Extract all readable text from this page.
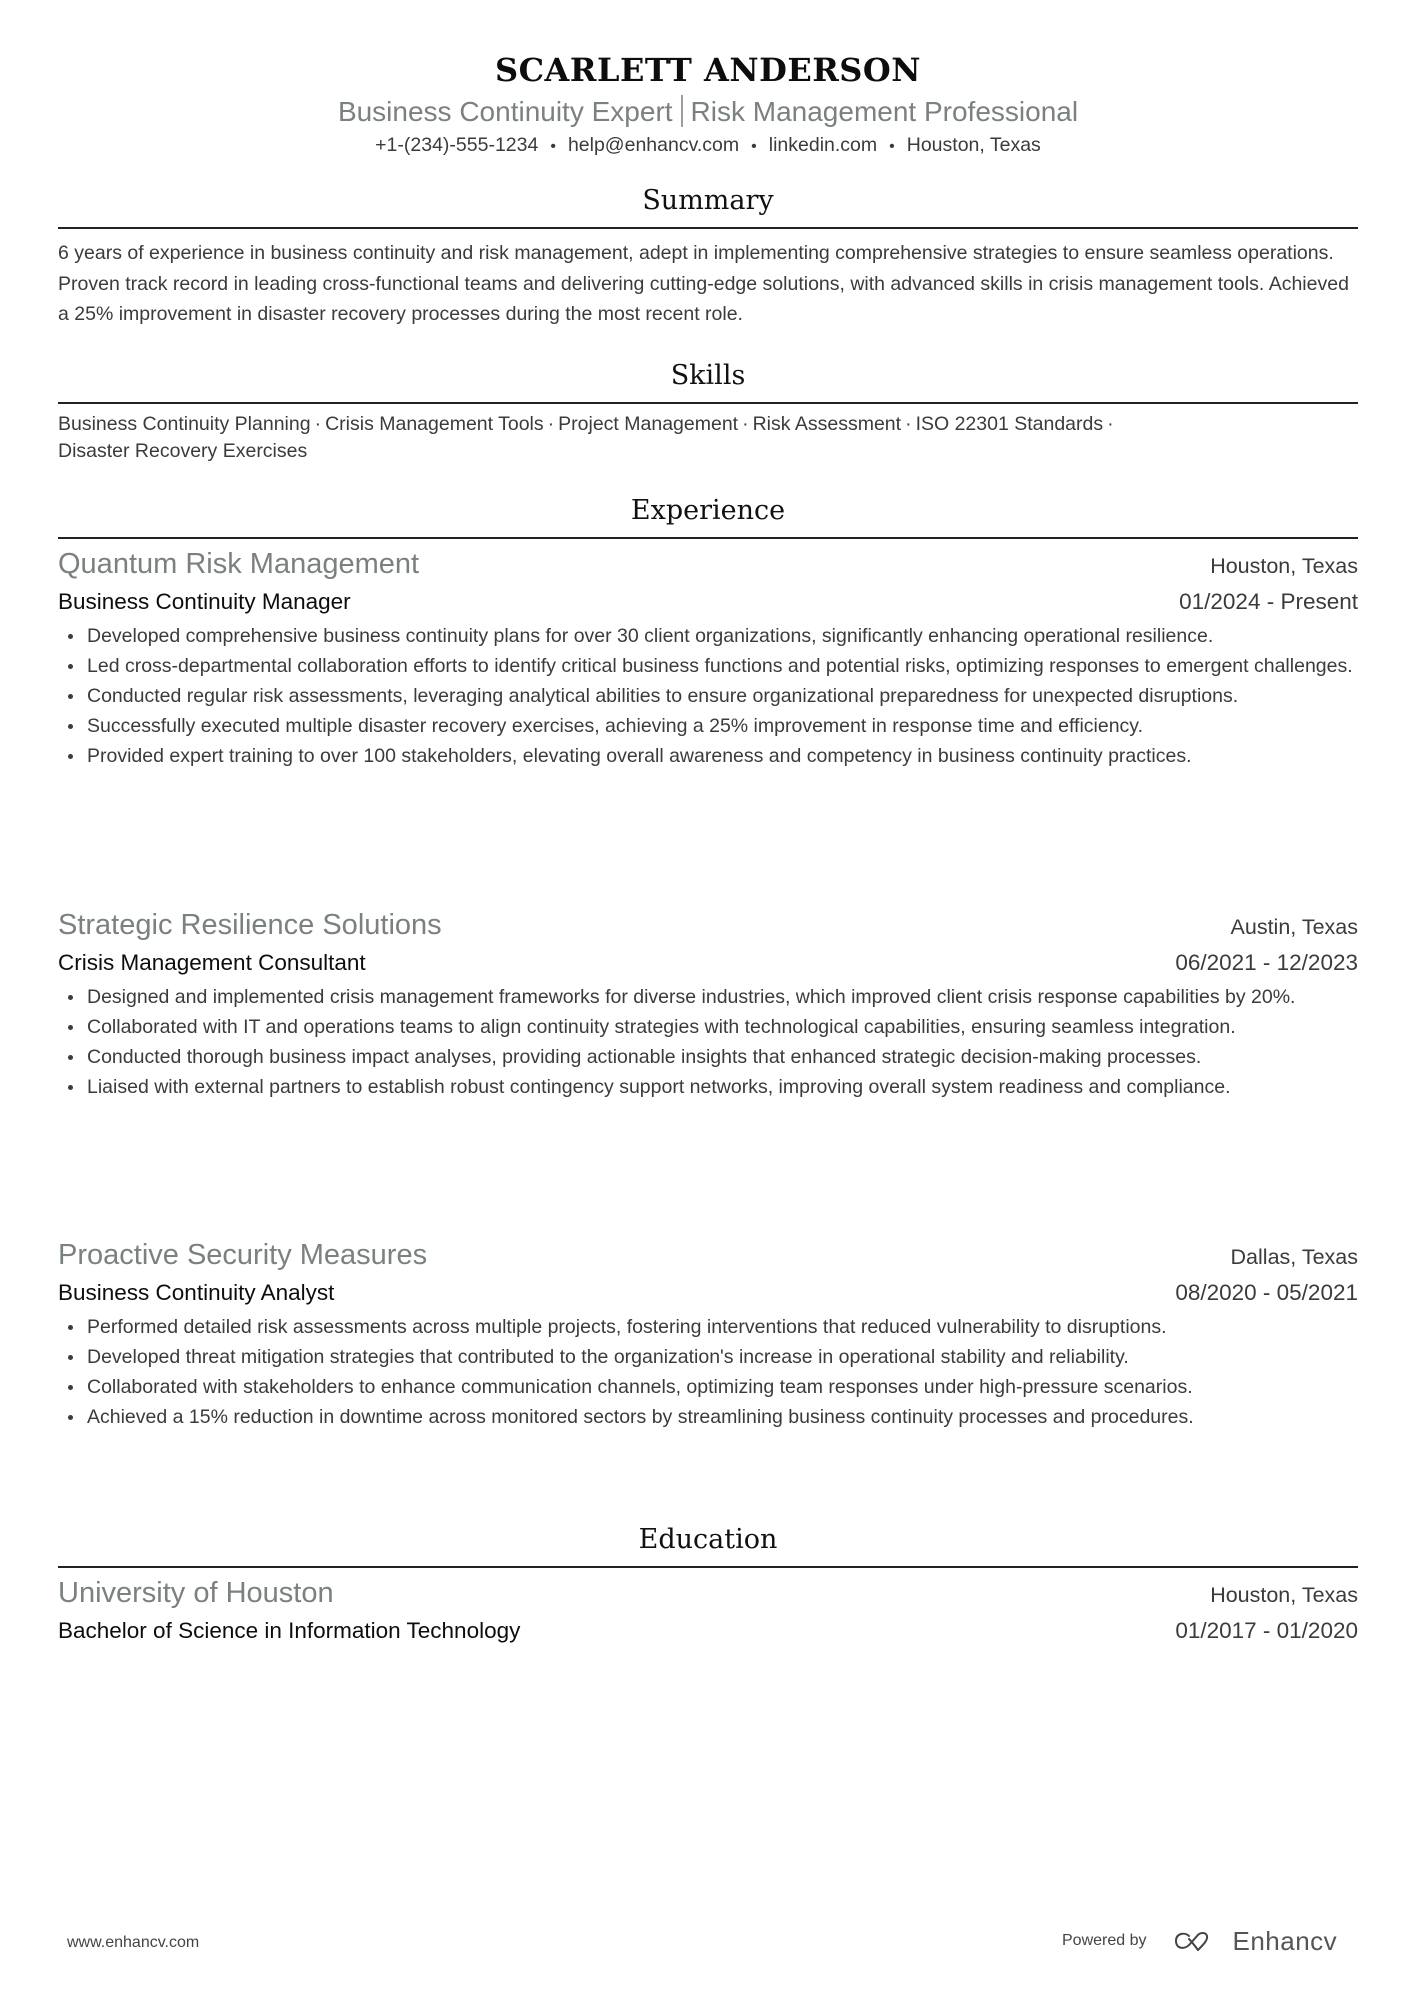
SCARLETT ANDERSON
Business Continuity Expert Risk Management Professional
+1-(234)-555-1234 • help@enhancv.com • linkedin.com • Houston, Texas
Summary
6 years of experience in business continuity and risk management, adept in implementing comprehensive strategies to ensure seamless operations. Proven track record in leading cross-functional teams and delivering cutting-edge solutions, with advanced skills in crisis management tools. Achieved a 25% improvement in disaster recovery processes during the most recent role.
Skills
Business Continuity Planning · Crisis Management Tools · Project Management · Risk Assessment · ISO 22301 Standards ·
Disaster Recovery Exercises
Experience
Quantum Risk Management	Houston, Texas
Business Continuity Manager	01/2024 - Present
Developed comprehensive business continuity plans for over 30 client organizations, significantly enhancing operational resilience.
Led cross-departmental collaboration efforts to identify critical business functions and potential risks, optimizing responses to emergent challenges.
Conducted regular risk assessments, leveraging analytical abilities to ensure organizational preparedness for unexpected disruptions.
Successfully executed multiple disaster recovery exercises, achieving a 25% improvement in response time and efficiency.
Provided expert training to over 100 stakeholders, elevating overall awareness and competency in business continuity practices.
Strategic Resilience Solutions	Austin, Texas
Crisis Management Consultant	06/2021 - 12/2023
Designed and implemented crisis management frameworks for diverse industries, which improved client crisis response capabilities by 20%.
Collaborated with IT and operations teams to align continuity strategies with technological capabilities, ensuring seamless integration.
Conducted thorough business impact analyses, providing actionable insights that enhanced strategic decision-making processes.
Liaised with external partners to establish robust contingency support networks, improving overall system readiness and compliance.
Proactive Security Measures	Dallas, Texas
Business Continuity Analyst	08/2020 - 05/2021
Performed detailed risk assessments across multiple projects, fostering interventions that reduced vulnerability to disruptions.
Developed threat mitigation strategies that contributed to the organization's increase in operational stability and reliability.
Collaborated with stakeholders to enhance communication channels, optimizing team responses under high-pressure scenarios.
Achieved a 15% reduction in downtime across monitored sectors by streamlining business continuity processes and procedures.
Education
University of Houston	Houston, Texas
Bachelor of Science in Information Technology	01/2017 - 01/2020
www.enhancv.com	Powered by	Enhancv
